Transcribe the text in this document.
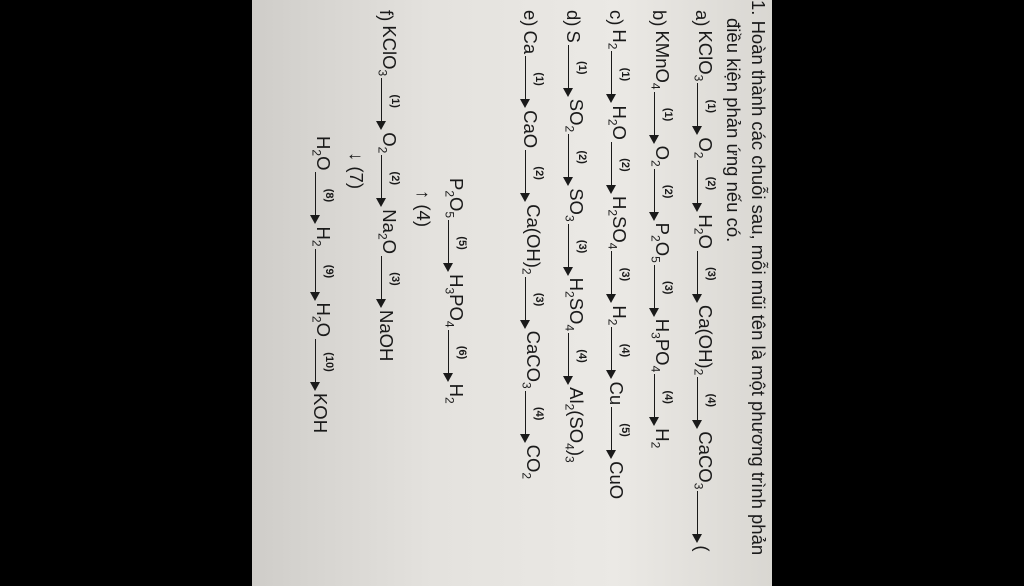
1. Hoàn thành các chuỗi sau, mỗi mũi tên là một phương trình phản
điều kiện phản ứng nếu có.
a)
KClO$_3$
(1)
$O_2$
(2)
$H_2O$
(3)
$Ca(OH)_2$
(4)
CaCO$_3$
(
b)
KMnO$_4$
(1)
$O_2$
(2)
$P_2O_5$
(3)
$H_3PO_4$
(4)
$H_2$
c)
$H_2$
(1)
$H_2O$
(2)
$H_2SO_4$
(3)
$H_2$
(4)
Cu
(5)
CuO
d)
S
(1)
$SO_2$
(2)
$SO_3$
(3)
$H_2SO_4$
(4)
$Al_2(SO_4)_3$
e)
Ca
(1)
CaO
(2)
$Ca(OH)_2$
(3)
CaCO$_3$
(4)
$CO_2$
$P_2O_5$
(5)
$H_3PO_4$
(6)
$H_2$
↑ (4)
f)
KClO$_3$
(1)
$O_2$
(2)
$Na_2O$
(3)
NaOH
↓ (7)
$H_2O$
(8)
$H_2$
(9)
$H_2O$
(10)
KOH
